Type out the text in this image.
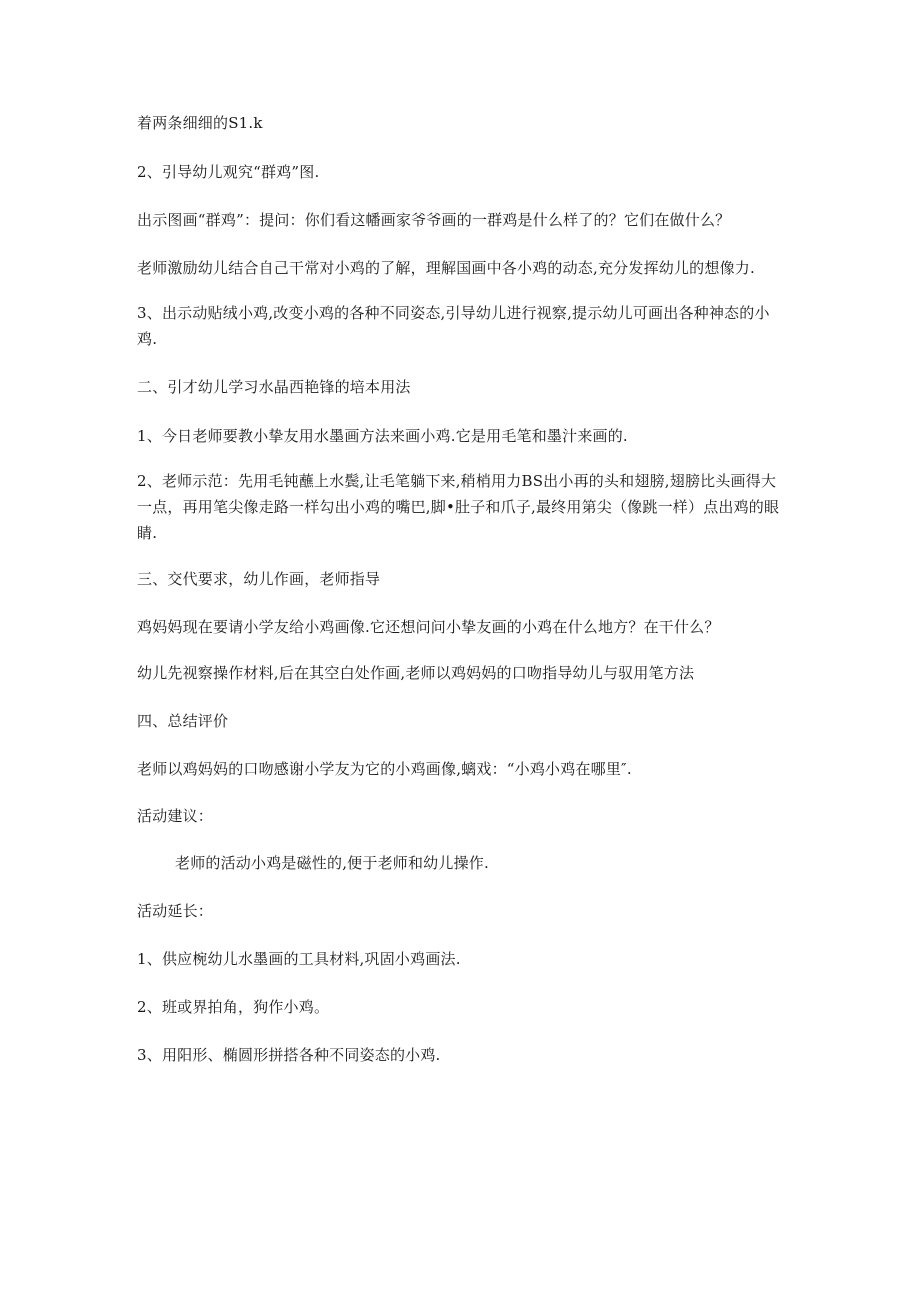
着两条细细的S1.k
2、引导幼儿观究“群鸡”图.
出示图画“群鸡”：提问：你们看这幡画家爷爷画的一群鸡是什么样了的？它们在做什么？
老师激励幼儿结合自己干常对小鸡的了解，理解国画中各小鸡的动态,充分发挥幼儿的想像力.
3、出示动贴绒小鸡,改变小鸡的各种不同姿态,引导幼儿进行视察,提示幼儿可画出各种神态的小鸡.
二、引才幼儿学习水晶西艳锋的培本用法
1、今日老师要教小挚友用水墨画方法来画小鸡.它是用毛笔和墨汁来画的.
2、老师示范：先用毛钝蘸上水鬓,让毛笔躺下来,稍梢用力BS出小再的头和翅膀,翅膀比头画得大一点，再用笔尖像走路一样勾出小鸡的嘴巴,脚•肚子和爪子,最终用第尖（像跳一样）点出鸡的眼睛.
三、交代要求，幼儿作画，老师指导
鸡妈妈现在要请小学友给小鸡画像.它还想问问小挚友画的小鸡在什么地方？在干什么？
幼儿先视察操作材料,后在其空白处作画,老师以鸡妈妈的口吻指导幼儿与驭用笔方法
四、总结评价
老师以鸡妈妈的口吻感谢小学友为它的小鸡画像,螭戏：“小鸡小鸡在哪里″.
活动建议：
老师的活动小鸡是磁性的,便于老师和幼儿操作.
活动延长：
1、供应椀幼儿水墨画的工具材料,巩固小鸡画法.
2、班或界拍角，狗作小鸡。
3、用阳形、椭圆形拼搭各种不同姿态的小鸡.
